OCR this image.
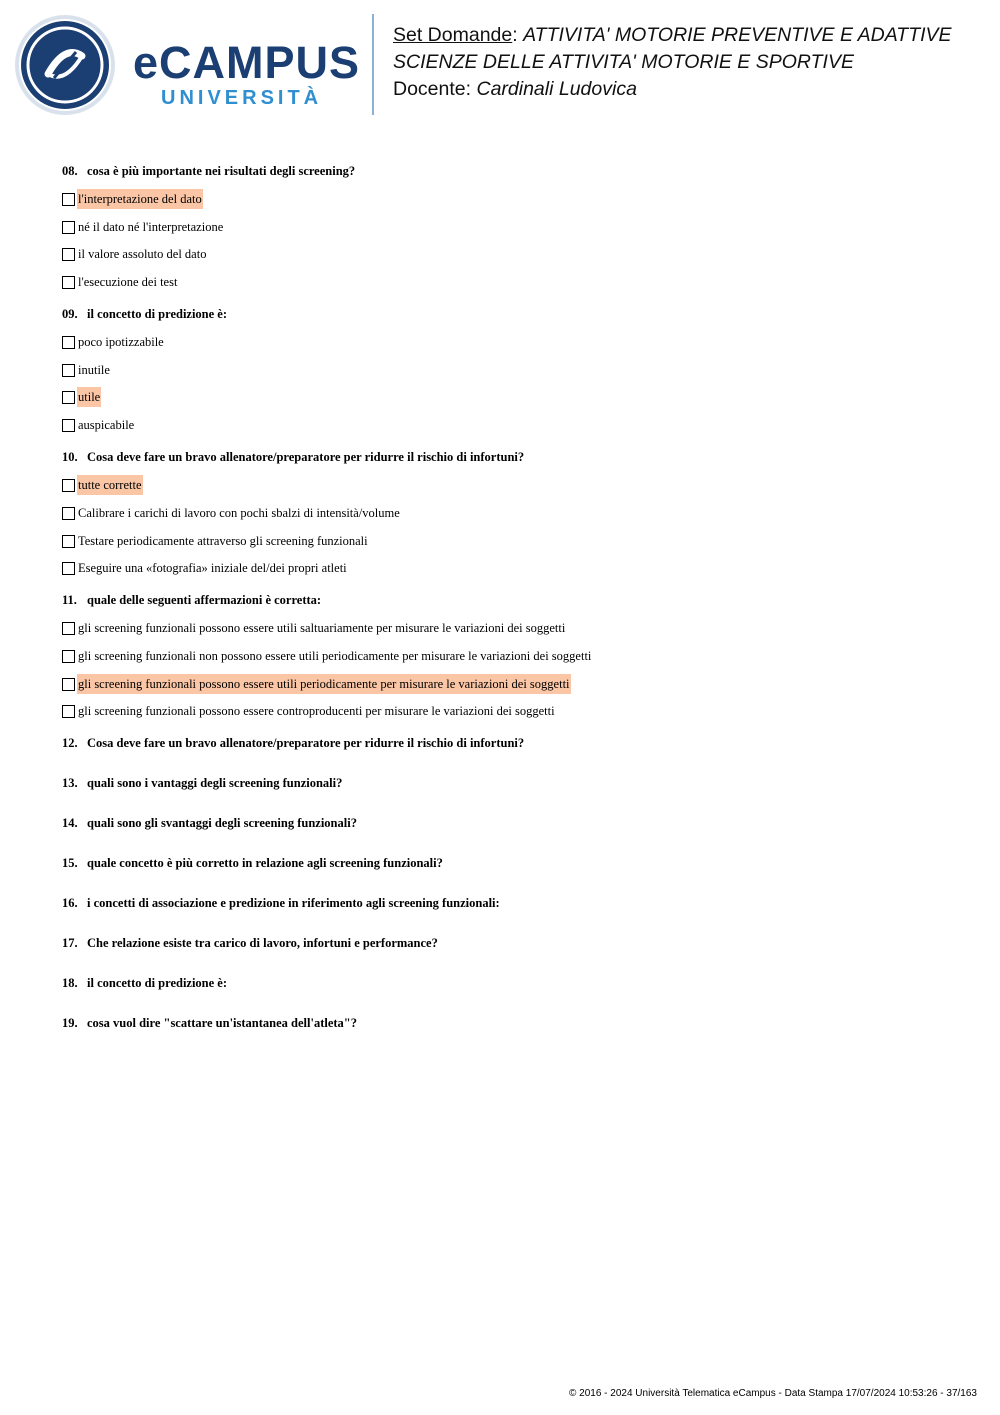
eCAMPUS
UNIVERSITÀ
Set Domande: ATTIVITA' MOTORIE PREVENTIVE E ADATTIVE
SCIENZE DELLE ATTIVITA' MOTORIE E SPORTIVE
Docente: Cardinali Ludovica
08. cosa è più importante nei risultati degli screening?
l'interpretazione del dato
né il dato né l'interpretazione
il valore assoluto del dato
l'esecuzione dei test
09. il concetto di predizione è:
poco ipotizzabile
inutile
utile
auspicabile
10. Cosa deve fare un bravo allenatore/preparatore per ridurre il rischio di infortuni?
tutte corrette
Calibrare i carichi di lavoro con pochi sbalzi di intensità/volume
Testare periodicamente attraverso gli screening funzionali
Eseguire una «fotografia» iniziale del/dei propri atleti
11. quale delle seguenti affermazioni è corretta:
gli screening funzionali possono essere utili saltuariamente per misurare le variazioni dei soggetti
gli screening funzionali non possono essere utili periodicamente per misurare le variazioni dei soggetti
gli screening funzionali possono essere utili periodicamente per misurare le variazioni dei soggetti
gli screening funzionali possono essere controproducenti per misurare le variazioni dei soggetti
12. Cosa deve fare un bravo allenatore/preparatore per ridurre il rischio di infortuni?
13. quali sono i vantaggi degli screening funzionali?
14. quali sono gli svantaggi degli screening funzionali?
15. quale concetto è più corretto in relazione agli screening funzionali?
16. i concetti di associazione e predizione in riferimento agli screening funzionali:
17. Che relazione esiste tra carico di lavoro, infortuni e performance?
18. il concetto di predizione è:
19. cosa vuol dire "scattare un'istantanea dell'atleta"?
© 2016 - 2024 Università Telematica eCampus - Data Stampa 17/07/2024 10:53:26 - 37/163
